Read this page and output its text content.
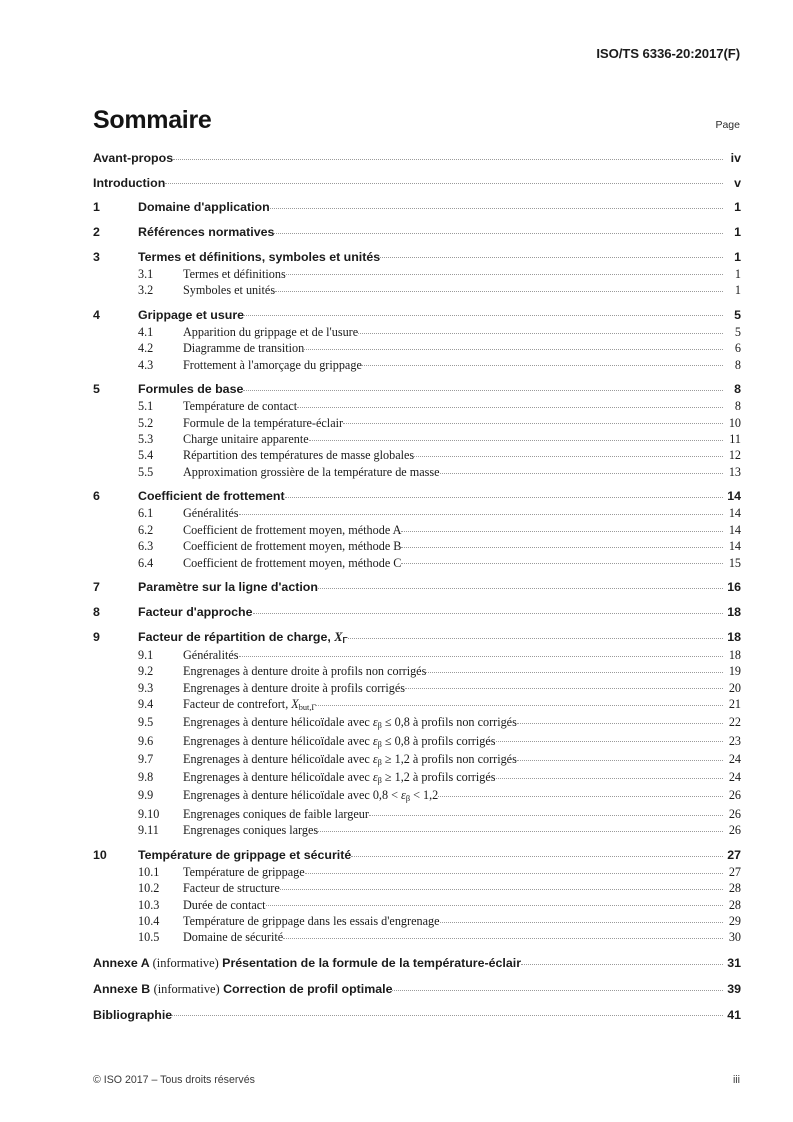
ISO/TS 6336-20:2017(F)
Sommaire	Page
Avant-propos	iv
Introduction	v
1	Domaine d'application	1
2	Références normatives	1
3	Termes et définitions, symboles et unités	1
3.1	Termes et définitions	1
3.2	Symboles et unités	1
4	Grippage et usure	5
4.1	Apparition du grippage et de l'usure	5
4.2	Diagramme de transition	6
4.3	Frottement à l'amorçage du grippage	8
5	Formules de base	8
5.1	Température de contact	8
5.2	Formule de la température-éclair	10
5.3	Charge unitaire apparente	11
5.4	Répartition des températures de masse globales	12
5.5	Approximation grossière de la température de masse	13
6	Coefficient de frottement	14
6.1	Généralités	14
6.2	Coefficient de frottement moyen, méthode A	14
6.3	Coefficient de frottement moyen, méthode B	14
6.4	Coefficient de frottement moyen, méthode C	15
7	Paramètre sur la ligne d'action	16
8	Facteur d'approche	18
9	Facteur de répartition de charge, $X_\Gamma$	18
9.1	Généralités	18
9.2	Engrenages à denture droite à profils non corrigés	19
9.3	Engrenages à denture droite à profils corrigés	20
9.4	Facteur de contrefort, $X_{but,\Gamma}$	21
9.5	Engrenages à denture hélicoïdale avec $\varepsilon_\beta \le 0,8$ à profils non corrigés	22
9.6	Engrenages à denture hélicoïdale avec $\varepsilon_\beta \le 0,8$ à profils corrigés	23
9.7	Engrenages à denture hélicoïdale avec $\varepsilon_\beta \ge 1,2$ à profils non corrigés	24
9.8	Engrenages à denture hélicoïdale avec $\varepsilon_\beta \ge 1,2$ à profils corrigés	24
9.9	Engrenages à denture hélicoïdale avec $0,8 < \varepsilon_\beta < 1,2$	26
9.10	Engrenages coniques de faible largeur	26
9.11	Engrenages coniques larges	26
10	Température de grippage et sécurité	27
10.1	Température de grippage	27
10.2	Facteur de structure	28
10.3	Durée de contact	28
10.4	Température de grippage dans les essais d'engrenage	29
10.5	Domaine de sécurité	30
Annexe A (informative) Présentation de la formule de la température-éclair	31
Annexe B (informative) Correction de profil optimale	39
Bibliographie	41
© ISO 2017 – Tous droits réservés	iii
